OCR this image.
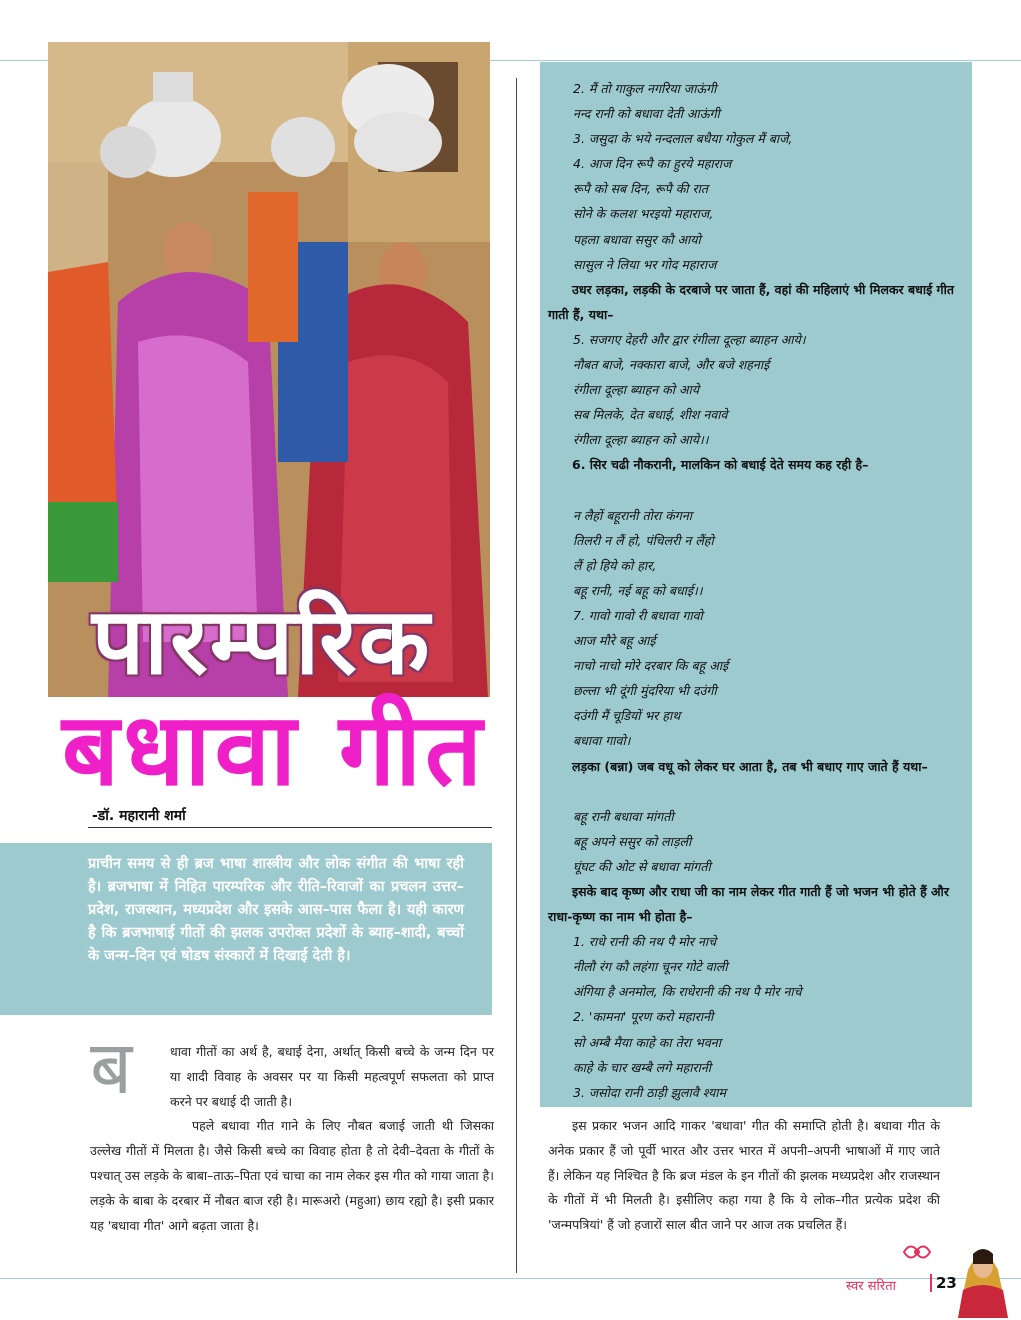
पारम्परिक
बधावा गीत
-डॉ. महारानी शर्मा
प्राचीन समय से ही ब्रज भाषा शास्त्रीय और लोक संगीत की भाषा रही है। ब्रजभाषा में निहित पारम्परिक और रीति–रिवाजों का प्रचलन उत्तर–प्रदेश, राजस्थान, मध्यप्रदेश और इसके आस–पास फैला है। यही कारण है कि ब्रजभाषाई गीतों की झलक उपरोक्त प्रदेशों के ब्याह–शादी, बच्चों के जन्म–दिन एवं षोडष संस्कारों में दिखाई देती है।
ब	धावा गीतों का अर्थ है, बधाई देना, अर्थात् किसी बच्चे के जन्म दिन पर या शादी विवाह के अवसर पर या किसी महत्वपूर्ण सफलता को प्राप्त करने पर बधाई दी जाती है।

पहले बधावा गीत गाने के लिए नौबत बजाई जाती थी जिसका उल्लेख गीतों में मिलता है। जैसे किसी बच्चे का विवाह होता है तो देवी–देवता के गीतों के पश्चात् उस लड़के के बाबा–ताऊ–पिता एवं चाचा का नाम लेकर इस गीत को गाया जाता है। लड़के के बाबा के दरबार में नौबत बाज रही है। मारूअरो (महुआ) छाय रह्यो है। इसी प्रकार यह 'बधावा गीत' आगे बढ़ता जाता है।

2. मैं तो गाकुल नगरिया जाऊंगी
नन्द रानी को बधावा देती आऊंगी
3. जसुदा के भये नन्दलाल बधैया गोकुल मैं बाजे,
4. आज दिन रूपै का हुरये महाराज
रूपै को सब दिन, रूपै की रात
सोने के कलश भरइयो महाराज,
पहला बधावा ससुर कौ आयो
सासुल ने लिया भर गोद महाराज
उधर लड़का, लड़की के दरबाजे पर जाता हैं, वहां की महिलाएं भी मिलकर बधाई गीत गाती हैं, यथा–
5. सजगए देहरी और द्वार रंगीला दूल्हा ब्याहन आये।
नौबत बाजे, नक्कारा बाजे, और बजे शहनाई
रंगीला दूल्हा ब्याहन को आये
सब मिलके, देत बधाई, शीश नवावे
रंगीला दूल्हा ब्याहन को आये।।
6. सिर चढी नौकरानी, मालकिन को बधाई देते समय कह रही है–
न लैहों बहूरानी तोरा कंगना
तिलरी न लैं हो, पंचिलरी न लैंहो
लैं हो हिये को हार,
बहू रानी, नई बहू को बधाई।।
7. गावो गावो री बधावा गावो
आज मौरे बहू आई
नाचो नाचो मोरे दरबार कि बहू आई
छल्ला भी दूंगी मुंदरिया भी दउंगी
दउंगी मैं चूडियों भर हाथ
बधावा गावो।
लड़का (बन्ना) जब वधू को लेकर घर आता है, तब भी बधाए गाए जाते हैं यथा–
बहू रानी बधावा मांगती
बहू अपने ससुर को लाड़ली
घूंघट की ओट से बधावा मांगती
इसके बाद कृष्ण और राधा जी का नाम लेकर गीत गाती हैं जो भजन भी होते हैं और राधा-कृष्ण का नाम भी होता है–
1. राधे रानी की नथ पै मोर नाचे
नीलौ रंग कौ लहंगा चूनर गोटे वाली
अंगिया है अनमोल, कि राधेरानी की नथ पै मोर नाचे
2. 'कामना' पूरण करो महारानी
सो अम्बै मैया काहे का तेरा भवना
काहे के चार खम्बै लगे महारानी
3. जसोदा रानी ठाड़ी झुलावै श्याम
इस प्रकार भजन आदि गाकर 'बधावा' गीत की समाप्ति होती है। बधावा गीत के अनेक प्रकार हैं जो पूर्वी भारत और उत्तर भारत में अपनी–अपनी भाषाओं में गाए जाते हैं। लेकिन यह निश्चित है कि ब्रज मंडल के इन गीतों की झलक मध्यप्रदेश और राजस्थान के गीतों में भी मिलती है। इसीलिए कहा गया है कि ये लोक–गीत प्रत्येक प्रदेश की 'जन्मपत्रियां' हैं जो हजारों साल बीत जाने पर आज तक प्रचलित हैं।
स्वर सरिता	23
